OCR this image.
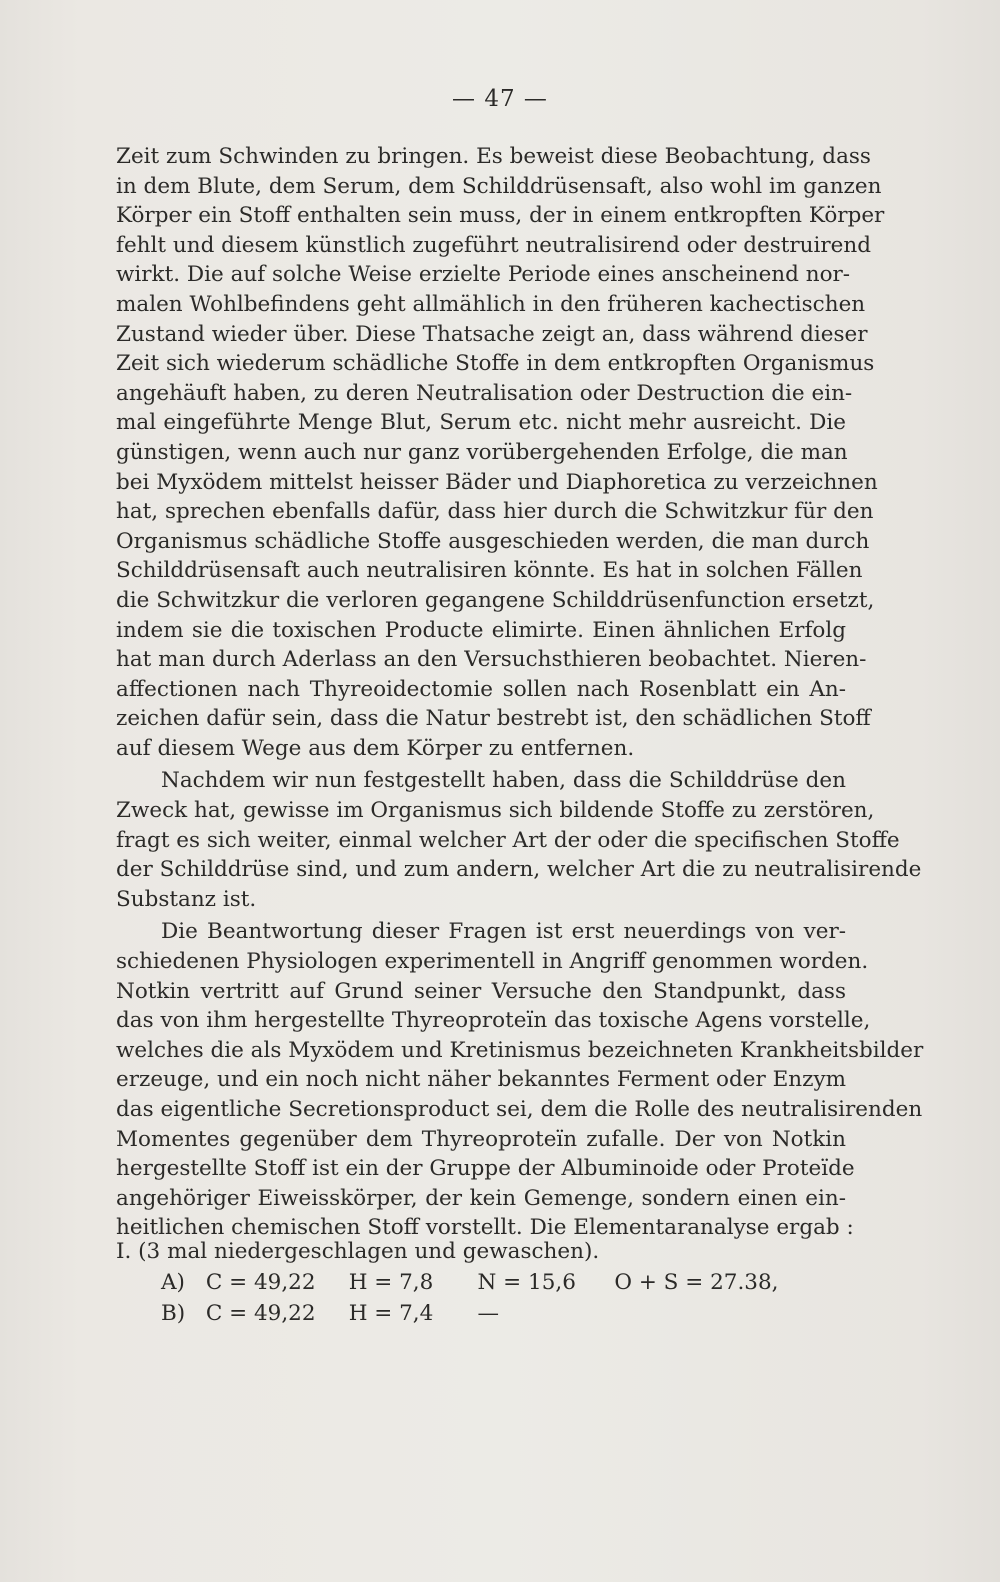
— 47 —
Zeit zum Schwinden zu bringen. Es beweist diese Beobachtung, dass
in dem Blute, dem Serum, dem Schilddrüsensaft, also wohl im ganzen
Körper ein Stoff enthalten sein muss, der in einem entkropften Körper
fehlt und diesem künstlich zugeführt neutralisirend oder destruirend
wirkt. Die auf solche Weise erzielte Periode eines anscheinend nor-
malen Wohlbefindens geht allmählich in den früheren kachectischen
Zustand wieder über. Diese Thatsache zeigt an, dass während dieser
Zeit sich wiederum schädliche Stoffe in dem entkropften Organismus
angehäuft haben, zu deren Neutralisation oder Destruction die ein-
mal eingeführte Menge Blut, Serum etc. nicht mehr ausreicht. Die
günstigen, wenn auch nur ganz vorübergehenden Erfolge, die man
bei Myxödem mittelst heisser Bäder und Diaphoretica zu verzeichnen
hat, sprechen ebenfalls dafür, dass hier durch die Schwitzkur für den
Organismus schädliche Stoffe ausgeschieden werden, die man durch
Schilddrüsensaft auch neutralisiren könnte. Es hat in solchen Fällen
die Schwitzkur die verloren gegangene Schilddrüsenfunction ersetzt,
indem sie die toxischen Producte elimirte. Einen ähnlichen Erfolg
hat man durch Aderlass an den Versuchsthieren beobachtet. Nieren-
affectionen nach Thyreoidectomie sollen nach Rosenblatt ein An-
zeichen dafür sein, dass die Natur bestrebt ist, den schädlichen Stoff
auf diesem Wege aus dem Körper zu entfernen.
Nachdem wir nun festgestellt haben, dass die Schilddrüse den
Zweck hat, gewisse im Organismus sich bildende Stoffe zu zerstören,
fragt es sich weiter, einmal welcher Art der oder die specifischen Stoffe
der Schilddrüse sind, und zum andern, welcher Art die zu neutralisirende
Substanz ist.
Die Beantwortung dieser Fragen ist erst neuerdings von ver-
schiedenen Physiologen experimentell in Angriff genommen worden.
Notkin vertritt auf Grund seiner Versuche den Standpunkt, dass
das von ihm hergestellte Thyreoproteïn das toxische Agens vorstelle,
welches die als Myxödem und Kretinismus bezeichneten Krankheitsbilder
erzeuge, und ein noch nicht näher bekanntes Ferment oder Enzym
das eigentliche Secretionsproduct sei, dem die Rolle des neutralisirenden
Momentes gegenüber dem Thyreoproteïn zufalle. Der von Notkin
hergestellte Stoff ist ein der Gruppe der Albuminoide oder Proteïde
angehöriger Eiweisskörper, der kein Gemenge, sondern einen ein-
heitlichen chemischen Stoff vorstellt. Die Elementaranalyse ergab :
I. (3 mal niedergeschlagen und gewaschen).
A) C = 49,22 H = 7,8 N = 15,6 O + S = 27.38,
B) C = 49,22 H = 7,4 —
